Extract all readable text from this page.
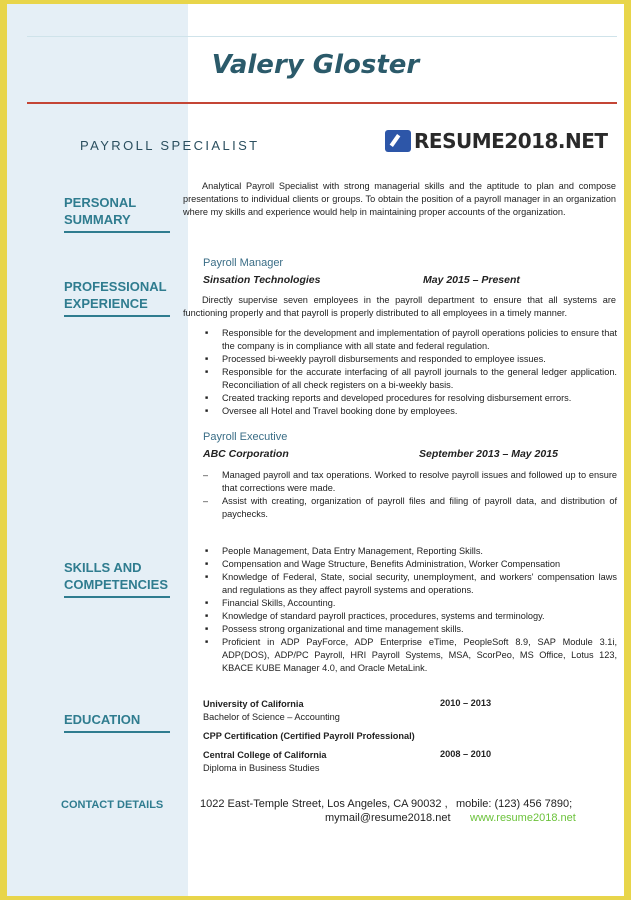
Valery Gloster
PAYROLL SPECIALIST	RESUME2018.NET
PERSONAL
SUMMARY
PROFESSIONAL
EXPERIENCE
SKILLS AND
COMPETENCIES
EDUCATION
CONTACT DETAILS
Analytical Payroll Specialist with strong managerial skills and the aptitude to plan and compose presentations to individual clients or groups. To obtain the position of a payroll manager in an organization where my skills and experience would help in maintaining proper accounts of the organization.
Payroll Manager
Sinsation Technologies	May 2015 – Present
Directly supervise seven employees in the payroll department to ensure that all systems are functioning properly and that payroll is properly distributed to all employees in a timely manner.
■ Responsible for the development and implementation of payroll operations policies to ensure that the company is in compliance with all state and federal regulation.
■ Processed bi-weekly payroll disbursements and responded to employee issues.
■ Responsible for the accurate interfacing of all payroll journals to the general ledger application. Reconciliation of all check registers on a bi-weekly basis.
■ Created tracking reports and developed procedures for resolving disbursement errors.
■ Oversee all Hotel and Travel booking done by employees.
Payroll Executive
ABC Corporation	September 2013 – May 2015
– Managed payroll and tax operations. Worked to resolve payroll issues and followed up to ensure that corrections were made.
– Assist with creating, organization of payroll files and filing of payroll data, and distribution of paychecks.
■ People Management, Data Entry Management, Reporting Skills.
■ Compensation and Wage Structure, Benefits Administration, Worker Compensation
■ Knowledge of Federal, State, social security, unemployment, and workers' compensation laws and regulations as they affect payroll systems and operations.
■ Financial Skills, Accounting.
■ Knowledge of standard payroll practices, procedures, systems and terminology.
■ Possess strong organizational and time management skills.
■ Proficient in ADP PayForce, ADP Enterprise eTime, PeopleSoft 8.9, SAP Module 3.1i, ADP(DOS), ADP/PC Payroll, HRI Payroll Systems, MSA, ScorPeo, MS Office, Lotus 123, KBACE KUBE Manager 4.0, and Oracle MetaLink.
University of California
Bachelor of Science – Accounting
2010 – 2013
CPP Certification (Certified Payroll Professional)
Central College of California
Diploma in Business Studies
2008 – 2010
1022 East-Temple Street, Los Angeles, CA 90032 , mobile: (123) 456 7890;
mymail@resume2018.net www.resume2018.net
